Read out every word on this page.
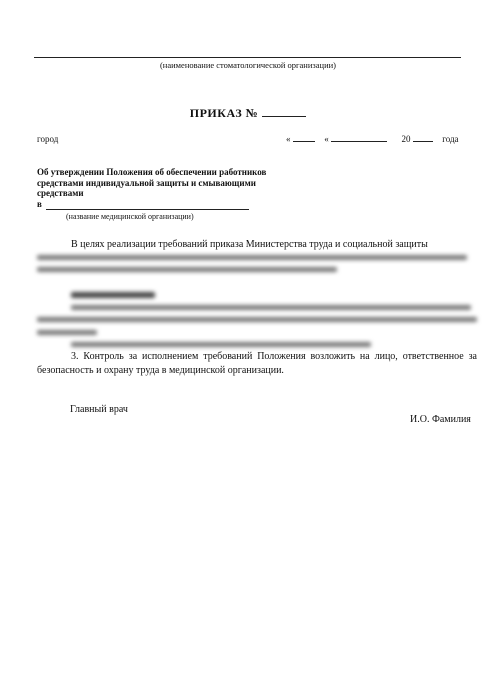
(наименование стоматологической организации)
ПРИКАЗ №
город	«	«	20	года
Об утверждении Положения об обеспечении работников средствами индивидуальной защиты и смывающими средствами
в
(название медицинской организации)
В целях реализации требований приказа Министерства труда и социальной защиты
3. Контроль за исполнением требований Положения возложить на лицо, ответственное за безопасность и охрану труда в медицинской организации.
Главный врач
И.О. Фамилия
